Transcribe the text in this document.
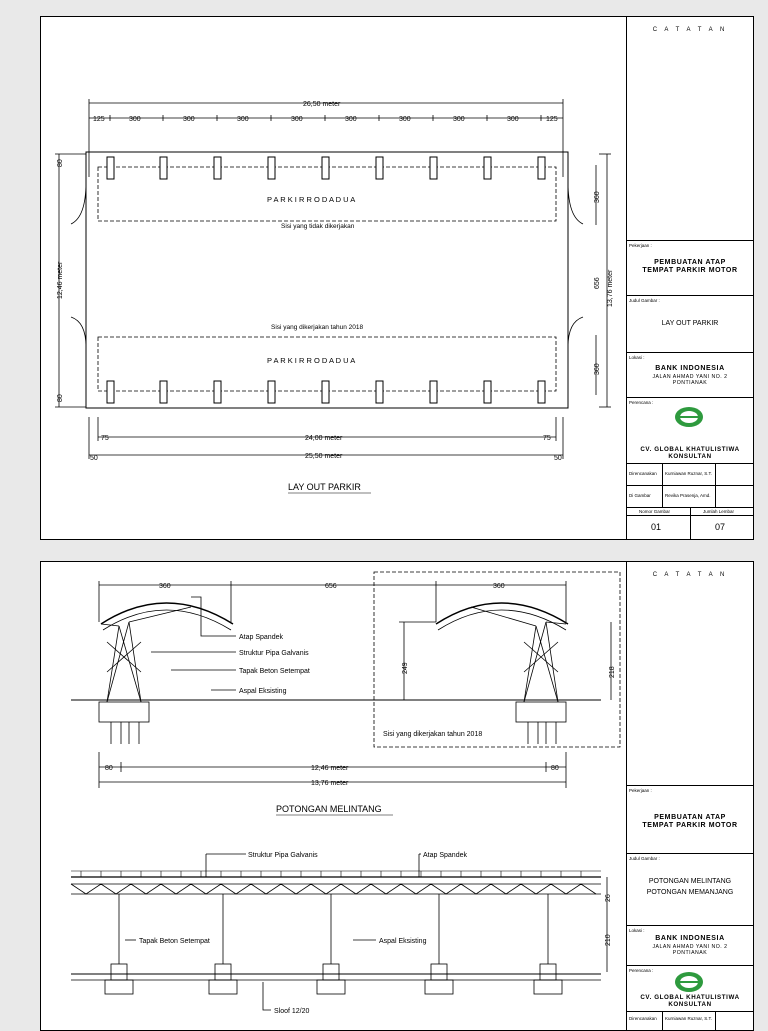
26,50 meter
125	300	300	300	300	300	300	300	300	125
80
12,46 meter
80
360
656
360
13,76 meter
75	24,00 meter	75
50	25,50 meter	50
P A R K I R R O D A D U A
Sisi yang tidak dikerjakan
Sisi yang dikerjakan tahun 2018
P A R K I R R O D A D U A
LAY OUT PARKIR
C A T A T A N
Pekerjaan :
PEMBUATAN ATAP
TEMPAT PARKIR MOTOR
Judul Gambar :
LAY OUT PARKIR
Lokasi :
BANK INDONESIA
JALAN AHMAD YANI NO. 2
PONTIANAK
Perencana :
CV. GLOBAL KHATULISTIWA
KONSULTAN
Direncanakan Kurniawan Ruznar, S.T.
Di Gambar	Revika Prasenja, Amd.
Nomor Gambar	Jumlah Lembar
01	07
360	656	360
249	218
Atap Spandek
Struktur Pipa Galvanis
Tapak Beton Setempat
Aspal Eksisting
Sisi yang dikerjakan tahun 2018
80	12,46 meter	80
13,76 meter
POTONGAN MELINTANG
Struktur Pipa Galvanis	Atap Spandek
Tapak Beton Setempat	Aspal Eksisting
Sloof 12/20
26
210
C A T A T A N
Pekerjaan :
PEMBUATAN ATAP
TEMPAT PARKIR MOTOR
Judul Gambar :
POTONGAN MELINTANG
POTONGAN MEMANJANG
Lokasi :
BANK INDONESIA
JALAN AHMAD YANI NO. 2
PONTIANAK
Perencana :
CV. GLOBAL KHATULISTIWA
KONSULTAN
Direncanakan Kurniawan Ruznar, S.T.
